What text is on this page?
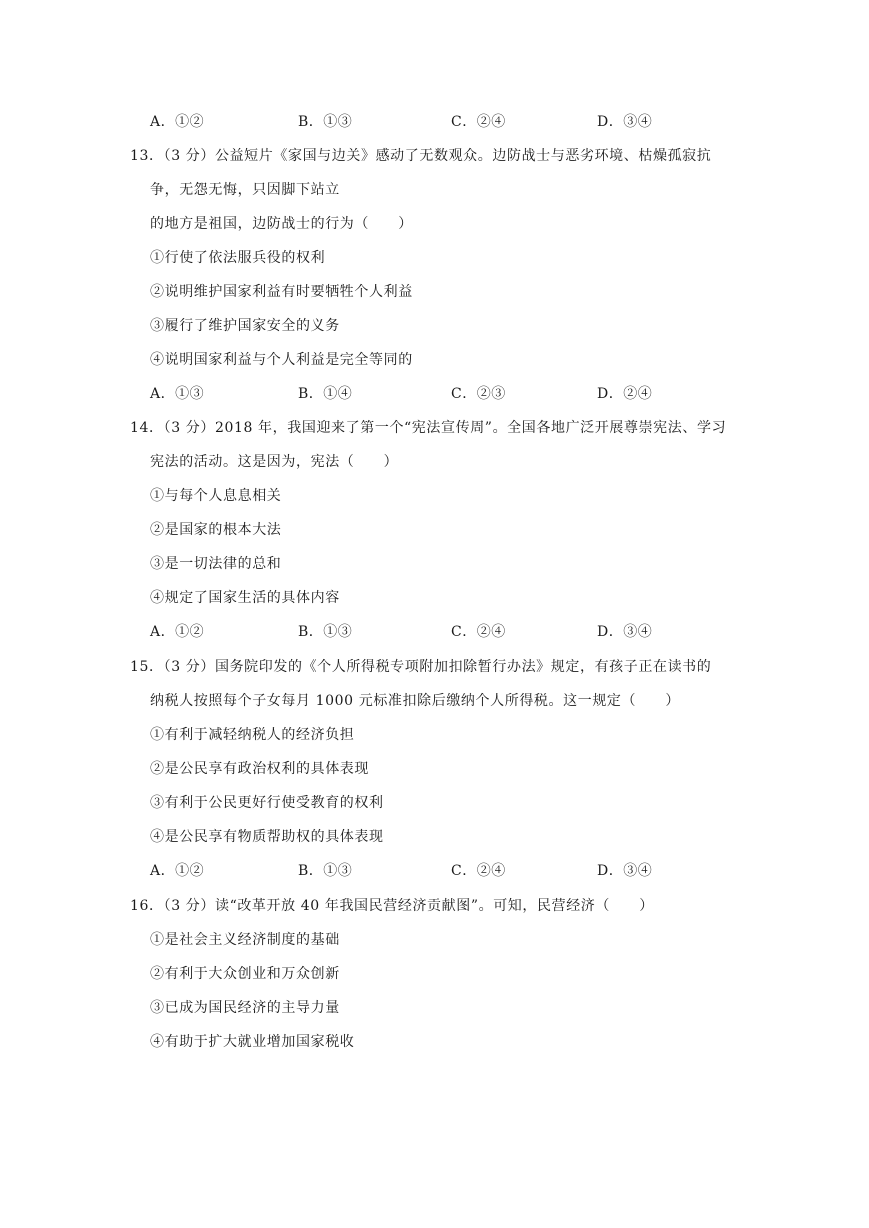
A．①②	B．①③	C．②④	D．③④
13．（3 分）公益短片《家国与边关》感动了无数观众。边防战士与恶劣环境、枯燥孤寂抗
争，无怨无悔，只因脚下站立
的地方是祖国，边防战士的行为（　　）
①行使了依法服兵役的权利
②说明维护国家利益有时要牺牲个人利益
③履行了维护国家安全的义务
④说明国家利益与个人利益是完全等同的
A．①③	B．①④	C．②③	D．②④
14．（3 分）2018 年，我国迎来了第一个“宪法宣传周”。全国各地广泛开展尊崇宪法、学习
宪法的活动。这是因为，宪法（　　）
①与每个人息息相关
②是国家的根本大法
③是一切法律的总和
④规定了国家生活的具体内容
A．①②	B．①③	C．②④	D．③④
15．（3 分）国务院印发的《个人所得税专项附加扣除暂行办法》规定，有孩子正在读书的
纳税人按照每个子女每月 1000 元标准扣除后缴纳个人所得税。这一规定（　　）
①有利于减轻纳税人的经济负担
②是公民享有政治权利的具体表现
③有利于公民更好行使受教育的权利
④是公民享有物质帮助权的具体表现
A．①②	B．①③	C．②④	D．③④
16．（3 分）读“改革开放 40 年我国民营经济贡献图”。可知，民营经济（　　）
①是社会主义经济制度的基础
②有利于大众创业和万众创新
③已成为国民经济的主导力量
④有助于扩大就业增加国家税收
